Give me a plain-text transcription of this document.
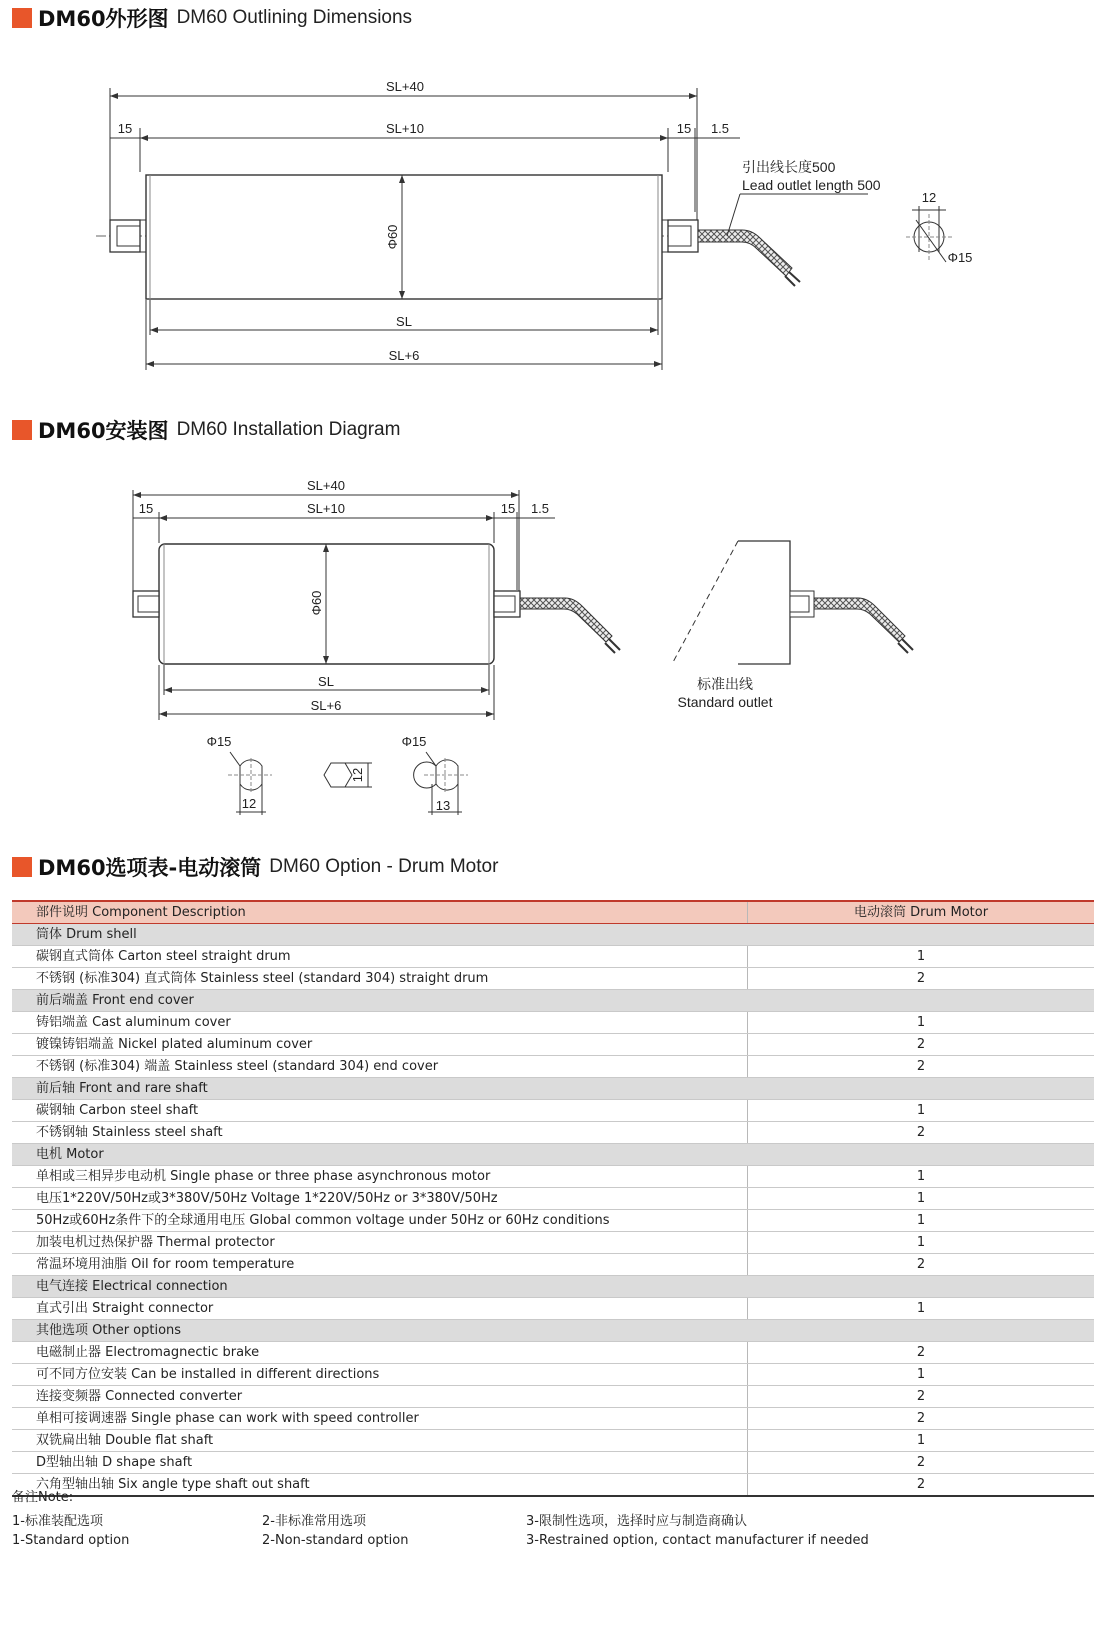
DM60外形图 DM60 Outlining Dimensions
SL+40
SL+10
15	15 1.5
Φ60
SL
SL+6
引出线长度500
Lead outlet length 500
12
Φ15
DM60安装图 DM60 Installation Diagram
SL+40
SL+10
15	15 1.5
Φ60
SL
SL+6
标准出线
Standard outlet
Φ15
12
12
Φ15
13
DM60选项表-电动滚筒 DM60 Option - Drum Motor
部件说明 Component Description	电动滚筒 Drum Motor
筒体 Drum shell	
碳钢直式筒体 Carton steel straight drum	1
不锈钢 (标准304) 直式筒体 Stainless steel (standard 304) straight drum	2
前后端盖 Front end cover	
铸铝端盖 Cast aluminum cover	1
镀镍铸铝端盖 Nickel plated aluminum cover	2
不锈钢 (标准304) 端盖 Stainless steel (standard 304) end cover	2
前后轴 Front and rare shaft	
碳钢轴 Carbon steel shaft	1
不锈钢轴 Stainless steel shaft	2
电机 Motor	
单相或三相异步电动机 Single phase or three phase asynchronous motor	1
电压1*220V/50Hz或3*380V/50Hz Voltage 1*220V/50Hz or 3*380V/50Hz	1
50Hz或60Hz条件下的全球通用电压 Global common voltage under 50Hz or 60Hz conditions	1
加装电机过热保护器 Thermal protector	1
常温环境用油脂 Oil for room temperature	2
电气连接 Electrical connection	
直式引出 Straight connector	1
其他选项 Other options	
电磁制止器 Electromagnectic brake	2
可不同方位安装 Can be installed in different directions	1
连接变频器 Connected converter	2
单相可接调速器 Single phase can work with speed controller	2
双铣扁出轴 Double flat shaft	1
D型轴出轴 D shape shaft	2
六角型轴出轴 Six angle type shaft out shaft	2
备注Note:
1-标准装配选项
1-Standard option
2-非标准常用选项
2-Non-standard option
3-限制性选项，选择时应与制造商确认
3-Restrained option, contact manufacturer if needed
